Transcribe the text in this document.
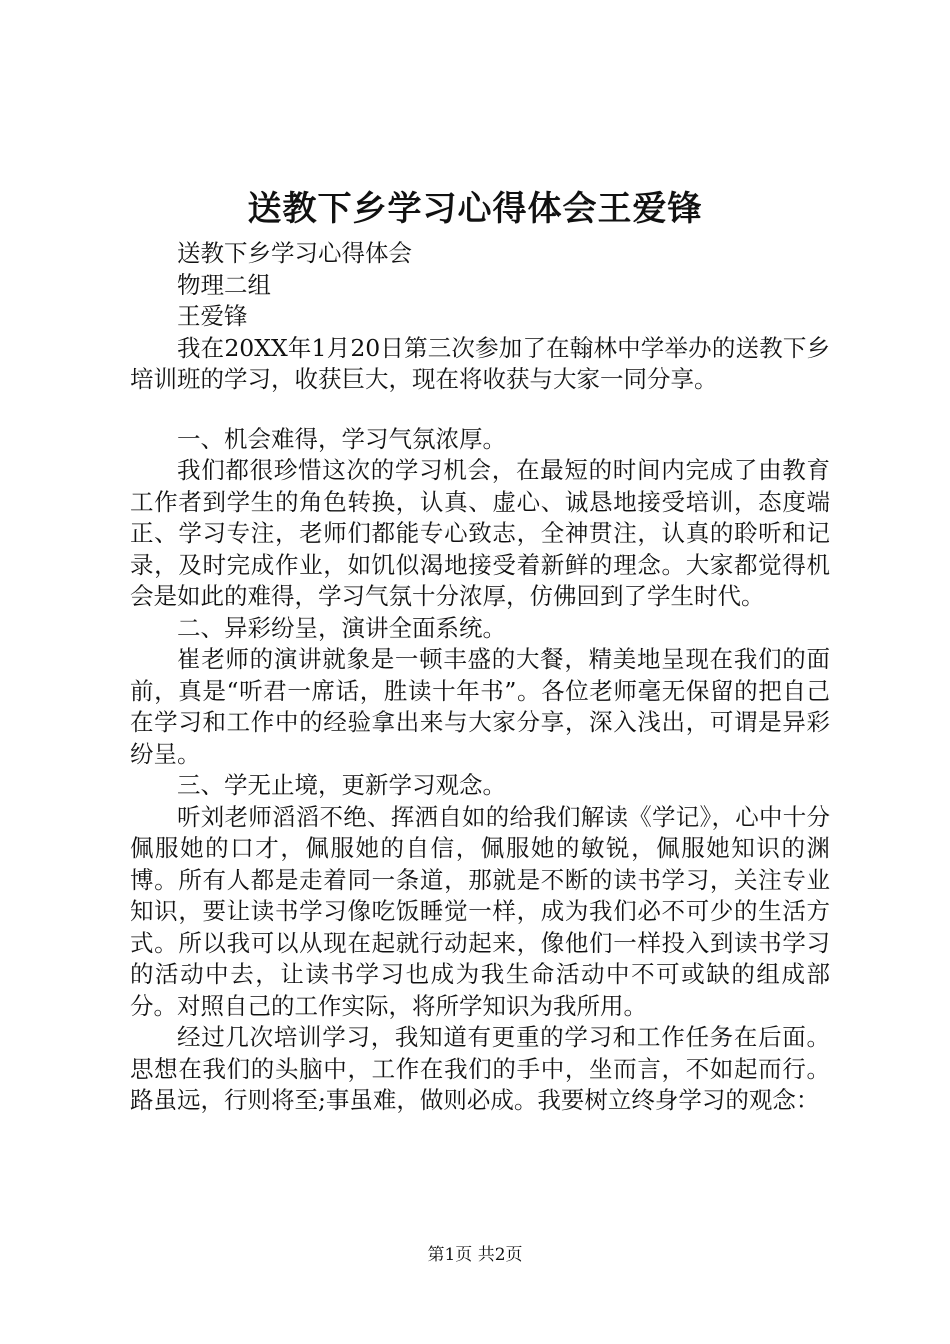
送教下乡学习心得体会王爱锋

送教下乡学习心得体会

物理二组

王爱锋

我在20XX年1月20日第三次参加了在翰林中学举办的送教下乡培训班的学习，收获巨大，现在将收获与大家一同分享。

一、机会难得，学习气氛浓厚。

我们都很珍惜这次的学习机会，在最短的时间内完成了由教育工作者到学生的角色转换，认真、虚心、诚恳地接受培训，态度端正、学习专注，老师们都能专心致志，全神贯注，认真的聆听和记录，及时完成作业，如饥似渴地接受着新鲜的理念。大家都觉得机会是如此的难得，学习气氛十分浓厚，仿佛回到了学生时代。

二、异彩纷呈，演讲全面系统。

崔老师的演讲就象是一顿丰盛的大餐，精美地呈现在我们的面前，真是“听君一席话，胜读十年书”。各位老师毫无保留的把自己在学习和工作中的经验拿出来与大家分享，深入浅出，可谓是异彩纷呈。

三、学无止境，更新学习观念。

听刘老师滔滔不绝、挥洒自如的给我们解读《学记》，心中十分佩服她的口才，佩服她的自信，佩服她的敏锐，佩服她知识的渊博。所有人都是走着同一条道，那就是不断的读书学习，关注专业知识，要让读书学习像吃饭睡觉一样，成为我们必不可少的生活方式。所以我可以从现在起就行动起来，像他们一样投入到读书学习的活动中去，让读书学习也成为我生命活动中不可或缺的组成部分。对照自己的工作实际，将所学知识为我所用。

经过几次培训学习，我知道有更重的学习和工作任务在后面。思想在我们的头脑中，工作在我们的手中，坐而言，不如起而行。路虽远，行则将至;事虽难，做则必成。我要树立终身学习的观念：

第1页 共2页
